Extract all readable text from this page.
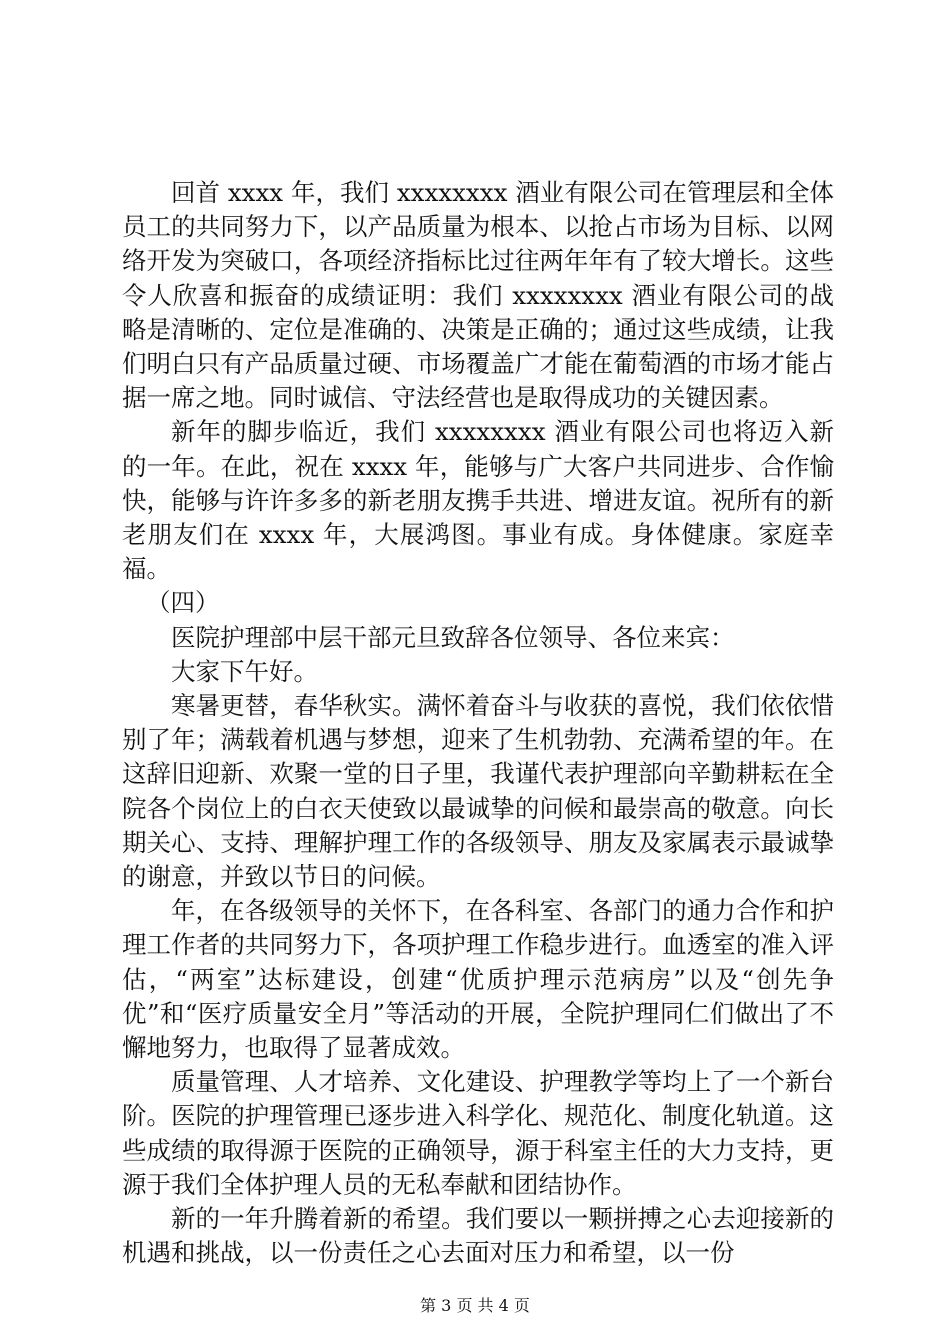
回首 xxxx 年，我们 xxxxxxxx 酒业有限公司在管理层和全体员工的共同努力下，以产品质量为根本、以抢占市场为目标、以网络开发为突破口，各项经济指标比过往两年年有了较大增长。这些令人欣喜和振奋的成绩证明：我们 xxxxxxxx 酒业有限公司的战略是清晰的、定位是准确的、决策是正确的；通过这些成绩，让我们明白只有产品质量过硬、市场覆盖广才能在葡萄酒的市场才能占据一席之地。同时诚信、守法经营也是取得成功的关键因素。

新年的脚步临近，我们 xxxxxxxx 酒业有限公司也将迈入新的一年。在此，祝在 xxxx 年，能够与广大客户共同进步、合作愉快，能够与许许多多的新老朋友携手共进、增进友谊。祝所有的新老朋友们在 xxxx 年，大展鸿图。事业有成。身体健康。家庭幸福。

（四）

医院护理部中层干部元旦致辞各位领导、各位来宾：

大家下午好。

寒暑更替，春华秋实。满怀着奋斗与收获的喜悦，我们依依惜别了年；满载着机遇与梦想，迎来了生机勃勃、充满希望的年。在这辞旧迎新、欢聚一堂的日子里，我谨代表护理部向辛勤耕耘在全院各个岗位上的白衣天使致以最诚挚的问候和最崇高的敬意。向长期关心、支持、理解护理工作的各级领导、朋友及家属表示最诚挚的谢意，并致以节日的问候。

年，在各级领导的关怀下，在各科室、各部门的通力合作和护理工作者的共同努力下，各项护理工作稳步进行。血透室的准入评估，“两室”达标建设，创建“优质护理示范病房”以及“创先争优”和“医疗质量安全月”等活动的开展，全院护理同仁们做出了不懈地努力，也取得了显著成效。

质量管理、人才培养、文化建设、护理教学等均上了一个新台阶。医院的护理管理已逐步进入科学化、规范化、制度化轨道。这些成绩的取得源于医院的正确领导，源于科室主任的大力支持，更源于我们全体护理人员的无私奉献和团结协作。

新的一年升腾着新的希望。我们要以一颗拼搏之心去迎接新的机遇和挑战，以一份责任之心去面对压力和希望，以一份

第 3 页 共 4 页
